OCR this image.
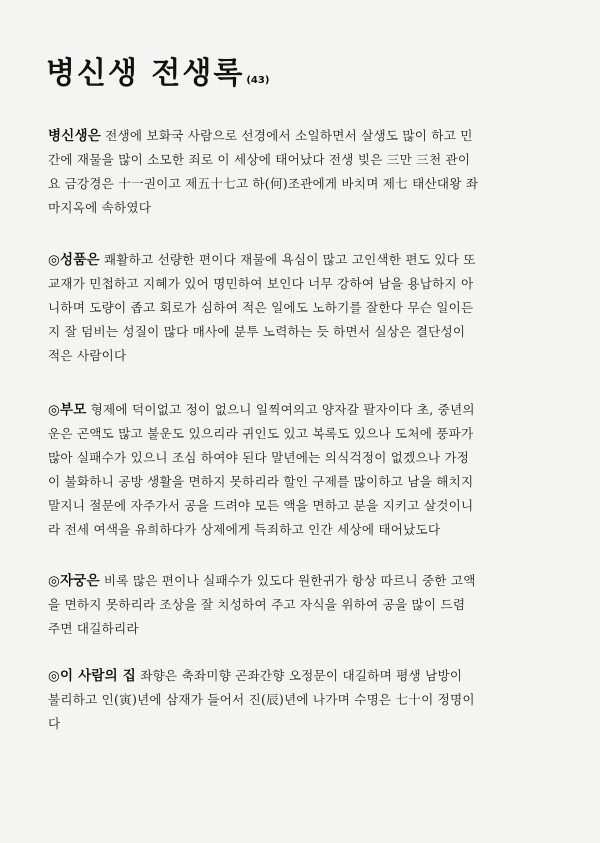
병신생 전생록 (43)
병신생은 전생에 보화국 사람으로 선경에서 소일하면서 살생도 많이 하고 민
간에 재물을 많이 소모한 죄로 이 세상에 태어났다 전생 빚은 三만 三천 관이
요 금강경은 十一권이고 제五十七고 하(何)조관에게 바치며 제七 태산대왕 좌
마지옥에 속하였다
◎성품은 쾌활하고 선량한 편이다 재물에 욕심이 많고 고인색한 편도 있다 또
교재가 민첩하고 지혜가 있어 명민하여 보인다 너무 강하여 남을 용납하지 아
니하며 도량이 좁고 회로가 심하여 적은 일에도 노하기를 잘한다 무슨 일이든
지 잘 덤비는 성질이 많다 매사에 분투 노력하는 듯 하면서 실상은 결단성이
적은 사람이다
◎부모 형제에 덕이없고 정이 없으니 일찍여의고 양자갈 팔자이다 초, 중년의
운은 곤액도 많고 불운도 있으리라 귀인도 있고 복록도 있으나 도처에 풍파가
많아 실패수가 있으니 조심 하여야 된다 말년에는 의식걱정이 없겠으나 가정
이 불화하니 공방 생활을 면하지 못하리라 할인 구제를 많이하고 남을 해치지
말지니 절문에 자주가서 공을 드려야 모든 액을 면하고 분을 지키고 살것이니
라 전세 여색을 유희하다가 상제에게 득죄하고 인간 세상에 태어났도다
◎자궁은 비록 많은 편이나 실패수가 있도다 원한귀가 항상 따르니 중한 고액
을 면하지 못하리라 조상을 잘 치성하여 주고 자식을 위하여 공을 많이 드렴
주면 대길하리라
◎이 사람의 집 좌향은 축좌미향 곤좌간향 오정문이 대길하며 평생 남방이
불리하고 인(寅)년에 삼재가 들어서 진(辰)년에 나가며 수명은 七十이 정명이
다
